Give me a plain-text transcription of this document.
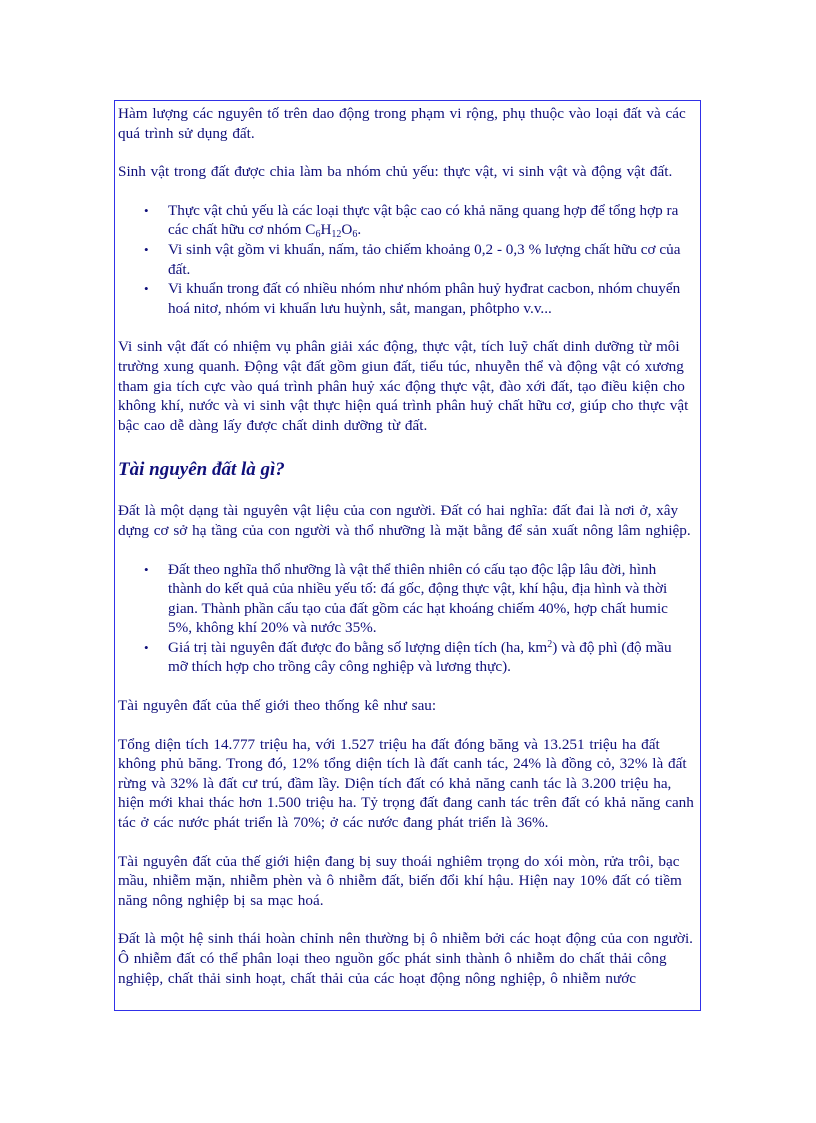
Hàm lượng các nguyên tố trên dao động trong phạm vi rộng, phụ thuộc vào loại đất và các quá trình sử dụng đất.

Sinh vật trong đất được chia làm ba nhóm chủ yếu: thực vật, vi sinh vật và động vật đất.

• Thực vật chủ yếu là các loại thực vật bậc cao có khả năng quang hợp để tổng hợp ra các chất hữu cơ nhóm $C_6H_{12}O_6$.
• Vi sinh vật gồm vi khuẩn, nấm, tảo chiếm khoảng 0,2 - 0,3 % lượng chất hữu cơ của đất.
• Vi khuẩn trong đất có nhiều nhóm như nhóm phân huỷ hyđrat cacbon, nhóm chuyển hoá nitơ, nhóm vi khuẩn lưu huỳnh, sắt, mangan, phôtpho v.v...

Vi sinh vật đất có nhiệm vụ phân giải xác động, thực vật, tích luỹ chất dinh dưỡng từ môi trường xung quanh. Động vật đất gồm giun đất, tiểu túc, nhuyễn thể và động vật có xương tham gia tích cực vào quá trình phân huỷ xác động thực vật, đào xới đất, tạo điều kiện cho không khí, nước và vi sinh vật thực hiện quá trình phân huỷ chất hữu cơ, giúp cho thực vật bậc cao dễ dàng lấy được chất dinh dưỡng từ đất.

Tài nguyên đất là gì?

Đất là một dạng tài nguyên vật liệu của con người. Đất có hai nghĩa: đất đai là nơi ở, xây dựng cơ sở hạ tầng của con người và thổ nhưỡng là mặt bằng để sản xuất nông lâm nghiệp.

• Đất theo nghĩa thổ nhưỡng là vật thể thiên nhiên có cấu tạo độc lập lâu đời, hình thành do kết quả của nhiều yếu tố: đá gốc, động thực vật, khí hậu, địa hình và thời gian. Thành phần cấu tạo của đất gồm các hạt khoáng chiếm 40%, hợp chất humic 5%, không khí 20% và nước 35%.
• Giá trị tài nguyên đất được đo bằng số lượng diện tích (ha, $km^2$) và độ phì (độ mầu mỡ thích hợp cho trồng cây công nghiệp và lương thực).

Tài nguyên đất của thế giới theo thống kê như sau:

Tổng diện tích 14.777 triệu ha, với 1.527 triệu ha đất đóng băng và 13.251 triệu ha đất không phủ băng. Trong đó, 12% tổng diện tích là đất canh tác, 24% là đồng cỏ, 32% là đất rừng và 32% là đất cư trú, đầm lầy. Diện tích đất có khả năng canh tác là 3.200 triệu ha, hiện mới khai thác hơn 1.500 triệu ha. Tỷ trọng đất đang canh tác trên đất có khả năng canh tác ở các nước phát triển là 70%; ở các nước đang phát triển là 36%.

Tài nguyên đất của thế giới hiện đang bị suy thoái nghiêm trọng do xói mòn, rửa trôi, bạc mầu, nhiễm mặn, nhiễm phèn và ô nhiễm đất, biến đổi khí hậu. Hiện nay 10% đất có tiềm năng nông nghiệp bị sa mạc hoá.

Đất là một hệ sinh thái hoàn chỉnh nên thường bị ô nhiễm bởi các hoạt động của con người. Ô nhiễm đất có thể phân loại theo nguồn gốc phát sinh thành ô nhiễm do chất thải công nghiệp, chất thải sinh hoạt, chất thải của các hoạt động nông nghiệp, ô nhiễm nước
